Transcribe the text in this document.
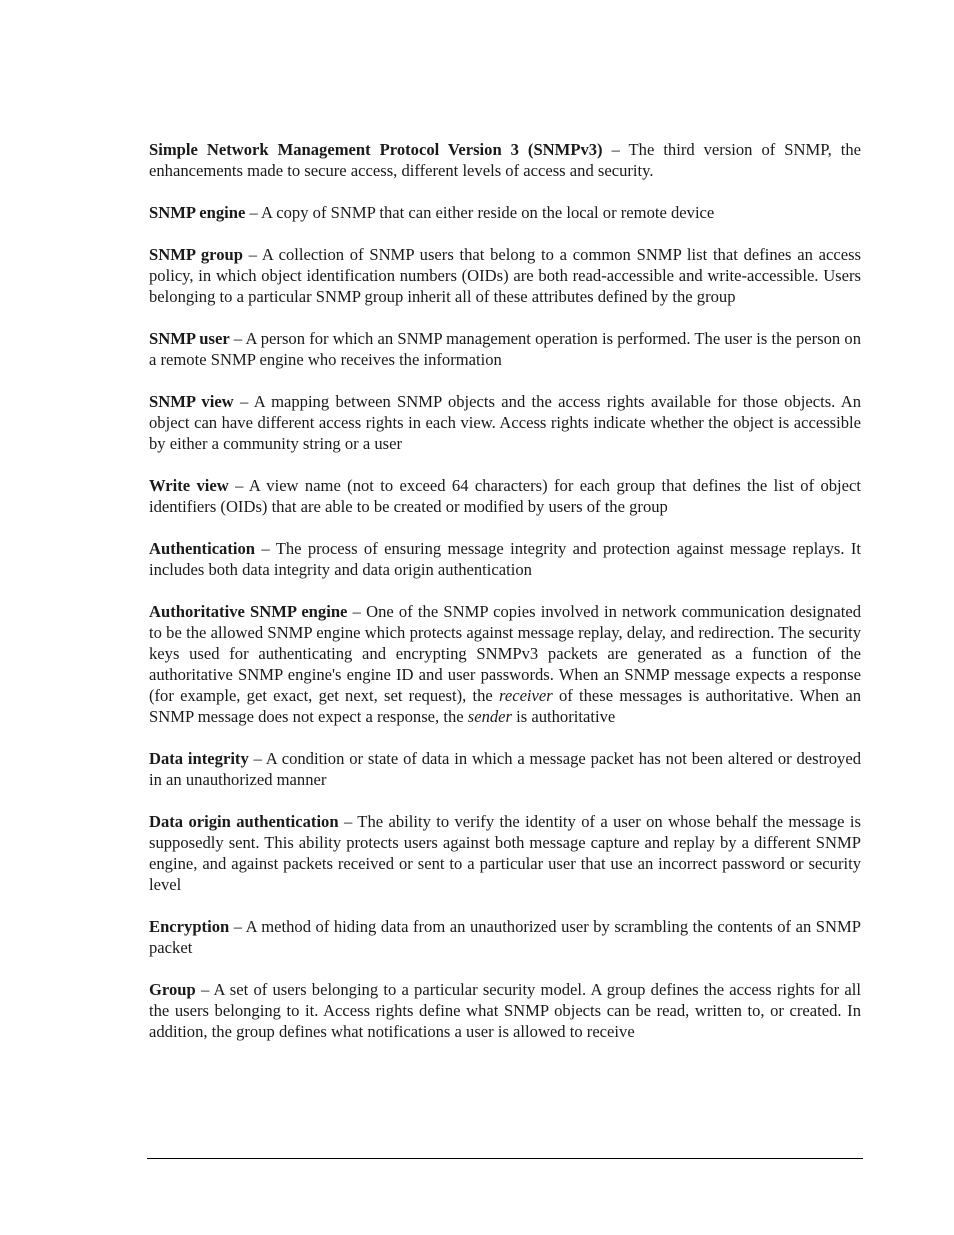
Simple Network Management Protocol Version 3 (SNMPv3) – The third version of SNMP, the enhancements made to secure access, different levels of access and security.

SNMP engine – A copy of SNMP that can either reside on the local or remote device

SNMP group – A collection of SNMP users that belong to a common SNMP list that defines an access policy, in which object identification numbers (OIDs) are both read-accessible and write-accessible. Users belonging to a particular SNMP group inherit all of these attributes defined by the group

SNMP user – A person for which an SNMP management operation is performed. The user is the person on a remote SNMP engine who receives the information

SNMP view – A mapping between SNMP objects and the access rights available for those objects. An object can have different access rights in each view. Access rights indicate whether the object is accessible by either a community string or a user

Write view – A view name (not to exceed 64 characters) for each group that defines the list of object identifiers (OIDs) that are able to be created or modified by users of the group

Authentication – The process of ensuring message integrity and protection against message replays. It includes both data integrity and data origin authentication

Authoritative SNMP engine – One of the SNMP copies involved in network communication designated to be the allowed SNMP engine which protects against message replay, delay, and redirection. The security keys used for authenticating and encrypting SNMPv3 packets are generated as a function of the authoritative SNMP engine's engine ID and user passwords. When an SNMP message expects a response (for example, get exact, get next, set request), the receiver of these messages is authoritative. When an SNMP message does not expect a response, the sender is authoritative

Data integrity – A condition or state of data in which a message packet has not been altered or destroyed in an unauthorized manner

Data origin authentication – The ability to verify the identity of a user on whose behalf the message is supposedly sent. This ability protects users against both message capture and replay by a different SNMP engine, and against packets received or sent to a particular user that use an incorrect password or security level

Encryption – A method of hiding data from an unauthorized user by scrambling the contents of an SNMP packet

Group – A set of users belonging to a particular security model. A group defines the access rights for all the users belonging to it. Access rights define what SNMP objects can be read, written to, or created. In addition, the group defines what notifications a user is allowed to receive
